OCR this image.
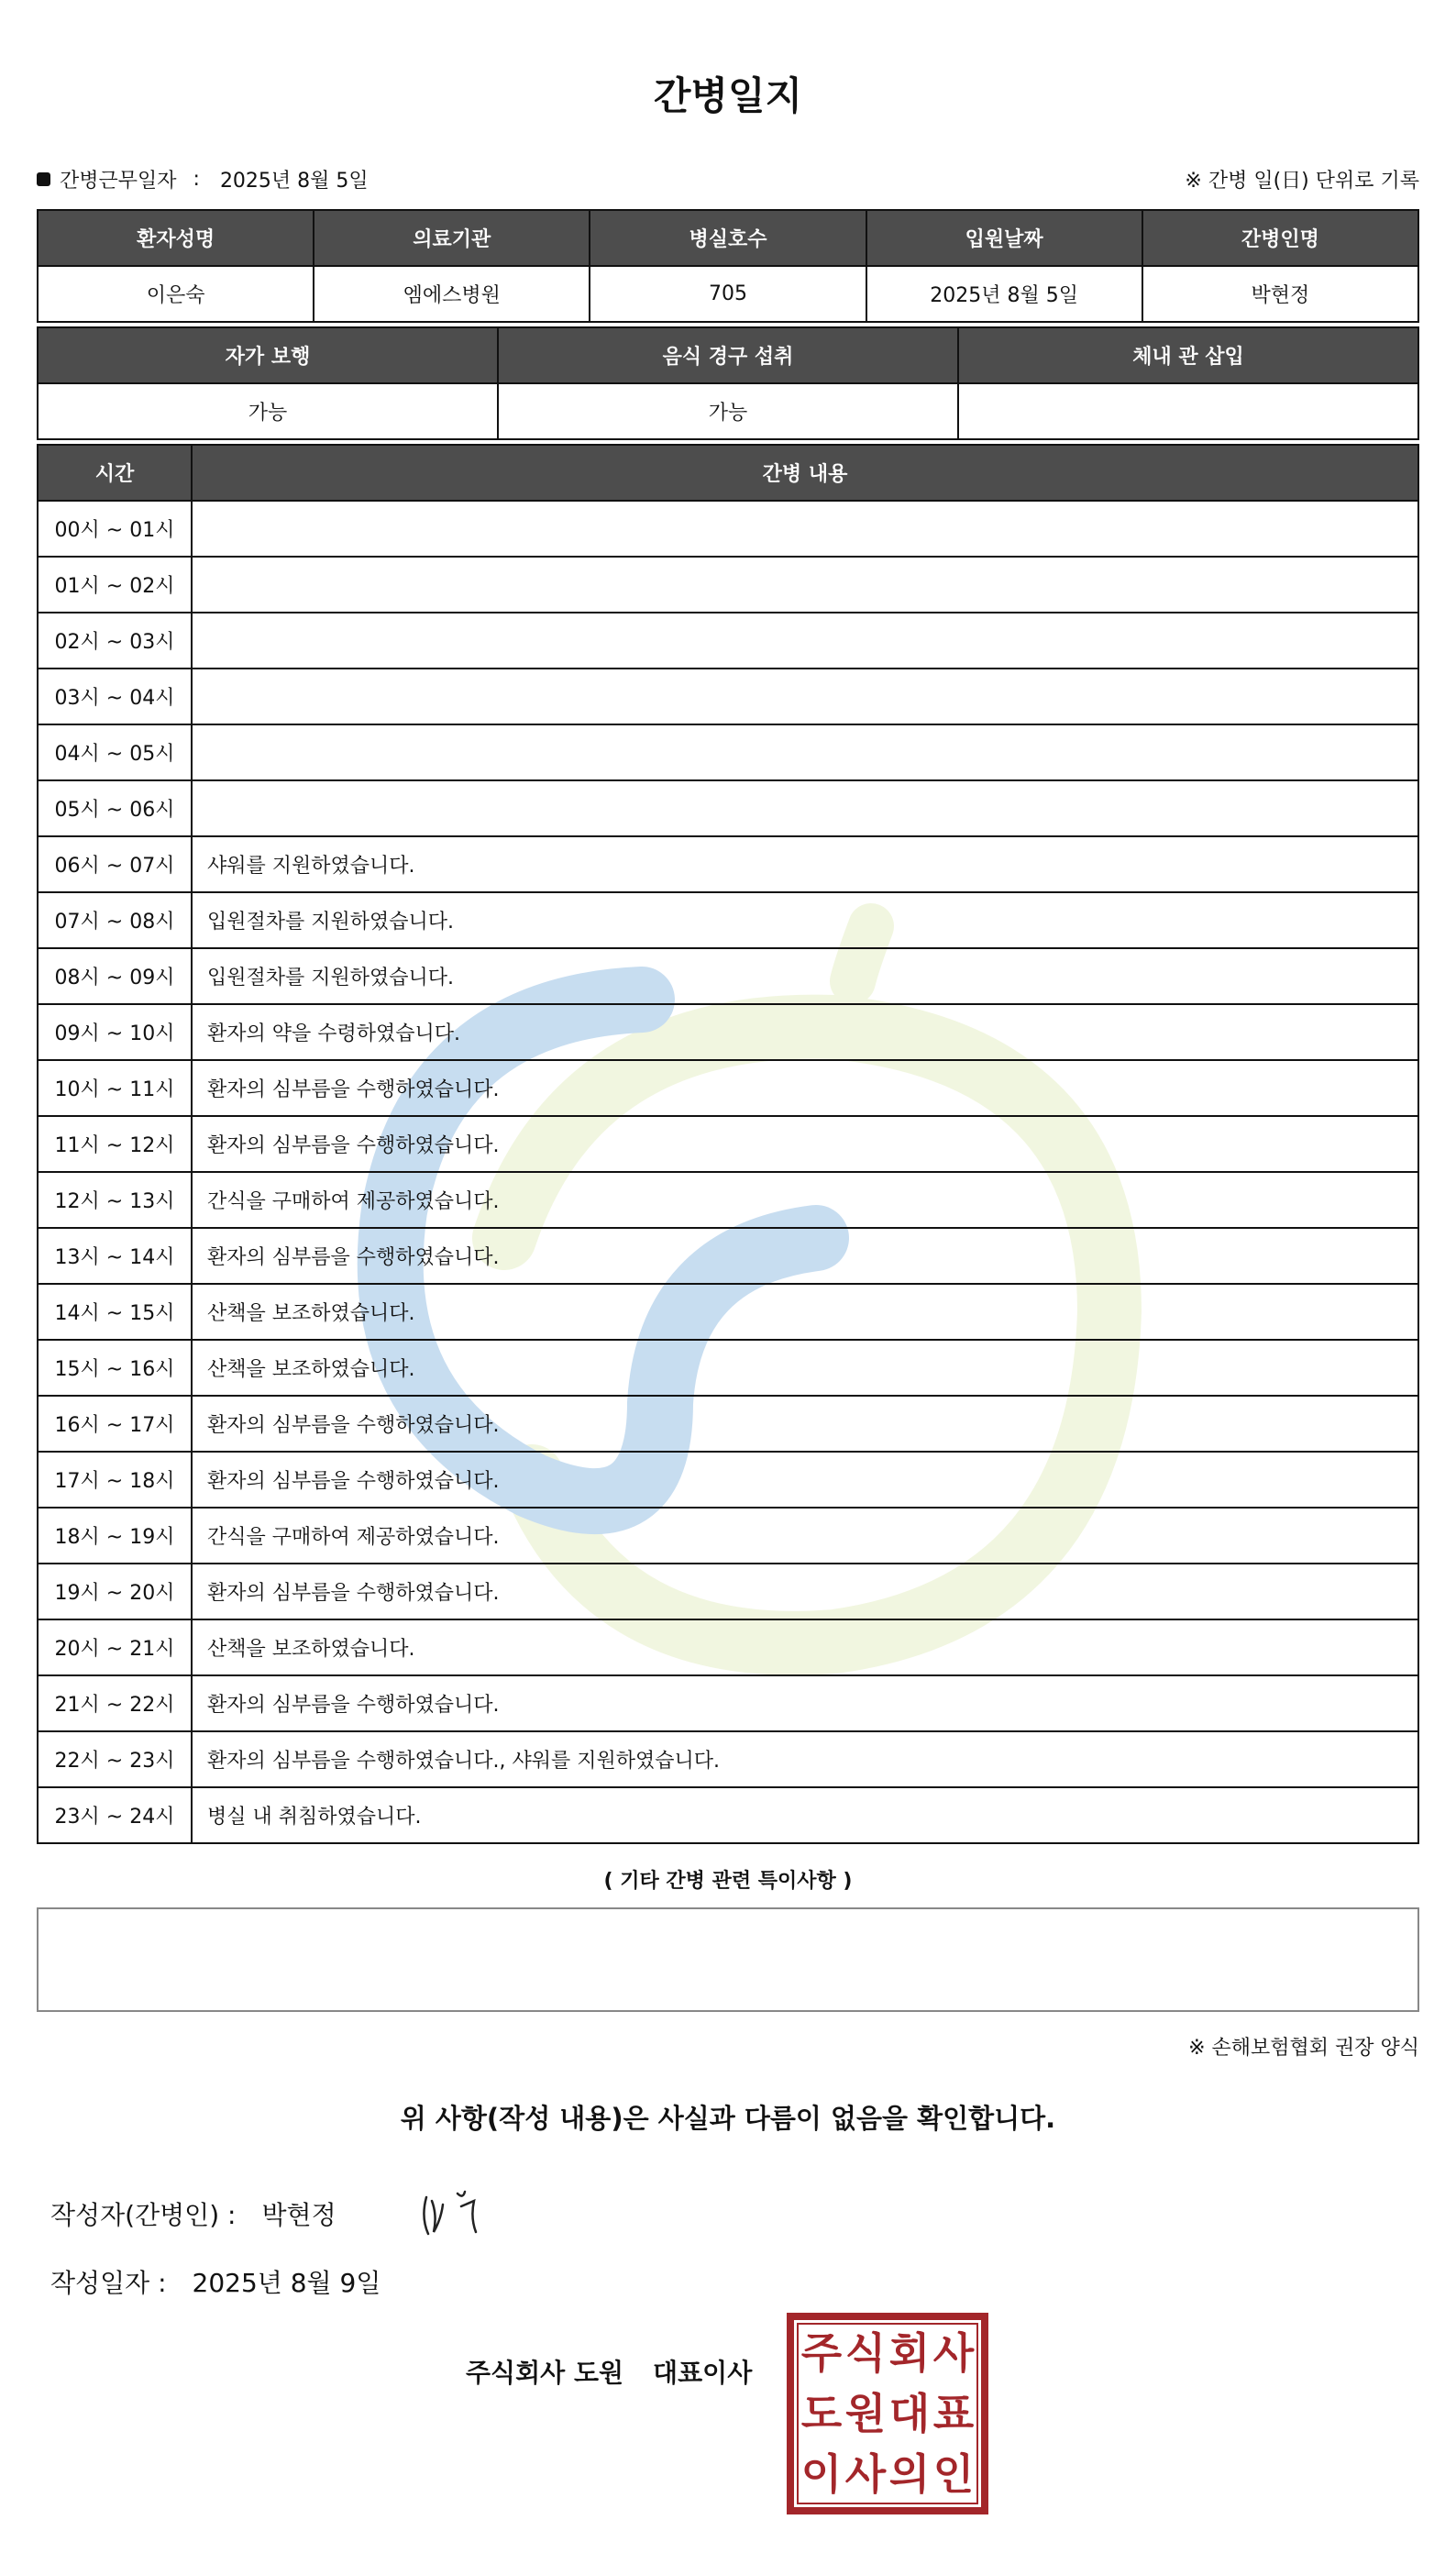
간병일지
간병근무일자 : 2025년 8월 5일	※ 간병 일(日) 단위로 기록
환자성명	의료기관	병실호수	입원날짜	간병인명
이은숙	엠에스병원	705	2025년 8월 5일	박현정
자가 보행	음식 경구 섭취	체내 관 삽입
가능	가능	
시간	간병 내용
00시 ~ 01시	
01시 ~ 02시	
02시 ~ 03시	
03시 ~ 04시	
04시 ~ 05시	
05시 ~ 06시	
06시 ~ 07시	샤워를 지원하였습니다.
07시 ~ 08시	입원절차를 지원하였습니다.
08시 ~ 09시	입원절차를 지원하였습니다.
09시 ~ 10시	환자의 약을 수령하였습니다.
10시 ~ 11시	환자의 심부름을 수행하였습니다.
11시 ~ 12시	환자의 심부름을 수행하였습니다.
12시 ~ 13시	간식을 구매하여 제공하였습니다.
13시 ~ 14시	환자의 심부름을 수행하였습니다.
14시 ~ 15시	산책을 보조하였습니다.
15시 ~ 16시	산책을 보조하였습니다.
16시 ~ 17시	환자의 심부름을 수행하였습니다.
17시 ~ 18시	환자의 심부름을 수행하였습니다.
18시 ~ 19시	간식을 구매하여 제공하였습니다.
19시 ~ 20시	환자의 심부름을 수행하였습니다.
20시 ~ 21시	산책을 보조하였습니다.
21시 ~ 22시	환자의 심부름을 수행하였습니다.
22시 ~ 23시	환자의 심부름을 수행하였습니다., 샤워를 지원하였습니다.
23시 ~ 24시	병실 내 취침하였습니다.
( 기타 간병 관련 특이사항 )
※ 손해보험협회 권장 양식
위 사항(작성 내용)은 사실과 다름이 없음을 확인합니다.
작성자(간병인) : 박현정
작성일자 : 2025년 8월 9일
주식회사 도원 대표이사 주 식 회 사
도 원 대 표
이 사 의 인
